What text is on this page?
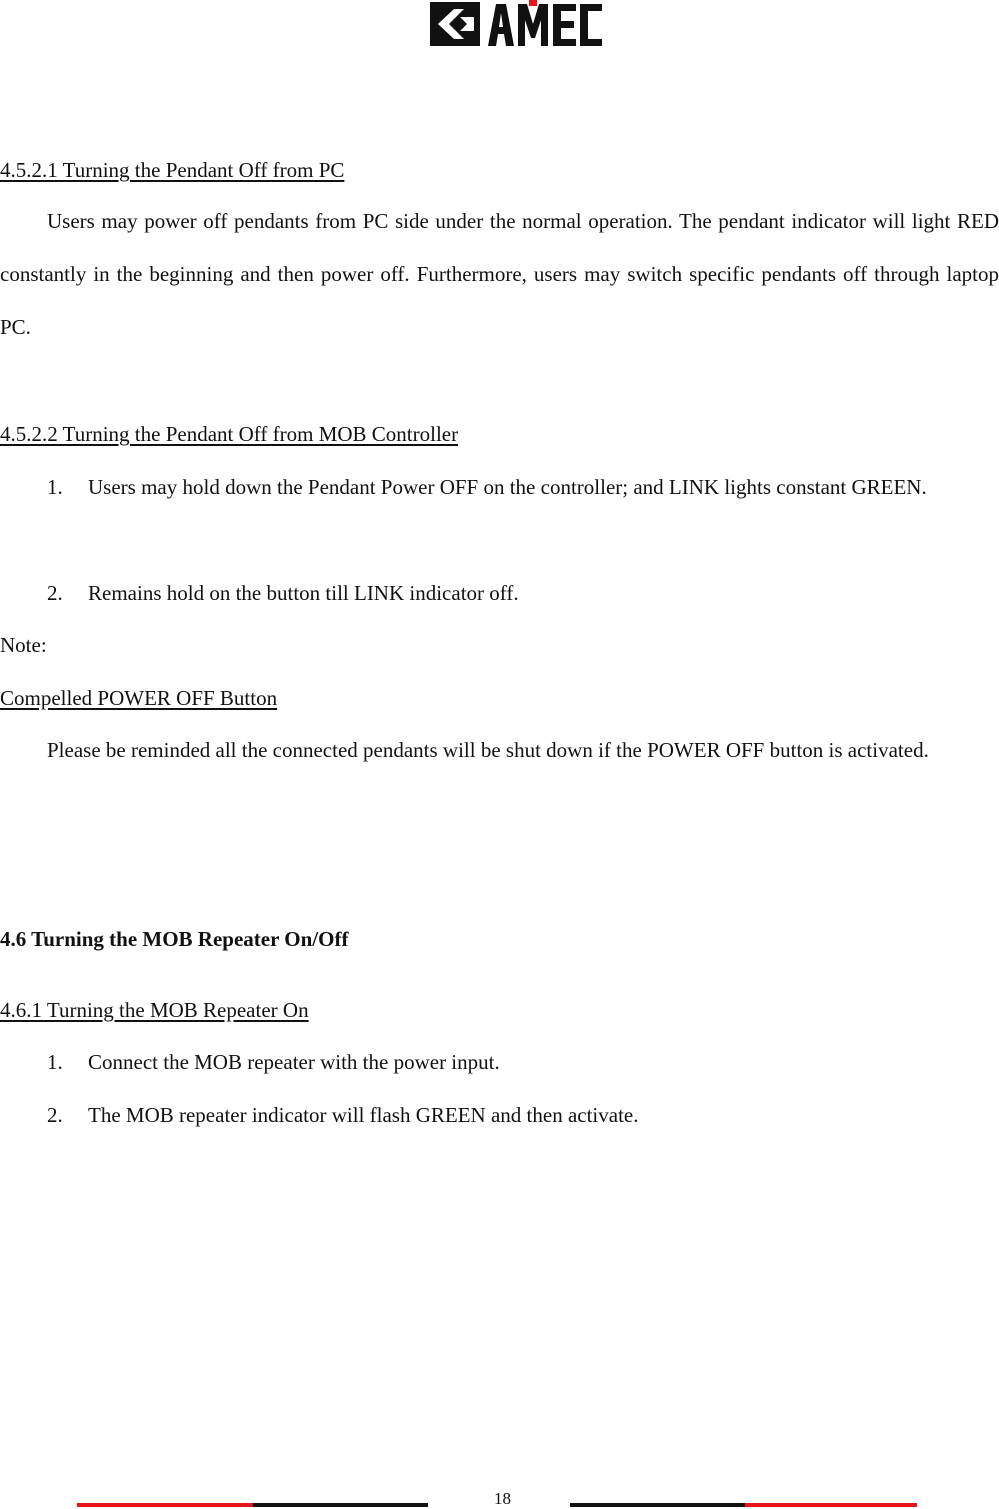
4.5.2.1 Turning the Pendant Off from PC
Users may power off pendants from PC side under the normal operation. The pendant indicator will light RED constantly in the beginning and then power off. Furthermore, users may switch specific pendants off through laptop PC.
4.5.2.2 Turning the Pendant Off from MOB Controller
1.	Users may hold down the Pendant Power OFF on the controller; and LINK lights constant GREEN.
2.	Remains hold on the button till LINK indicator off.
Note:
Compelled POWER OFF Button
Please be reminded all the connected pendants will be shut down if the POWER OFF button is activated.
4.6 Turning the MOB Repeater On/Off
4.6.1 Turning the MOB Repeater On
1.	Connect the MOB repeater with the power input.
2.	The MOB repeater indicator will flash GREEN and then activate.
18
